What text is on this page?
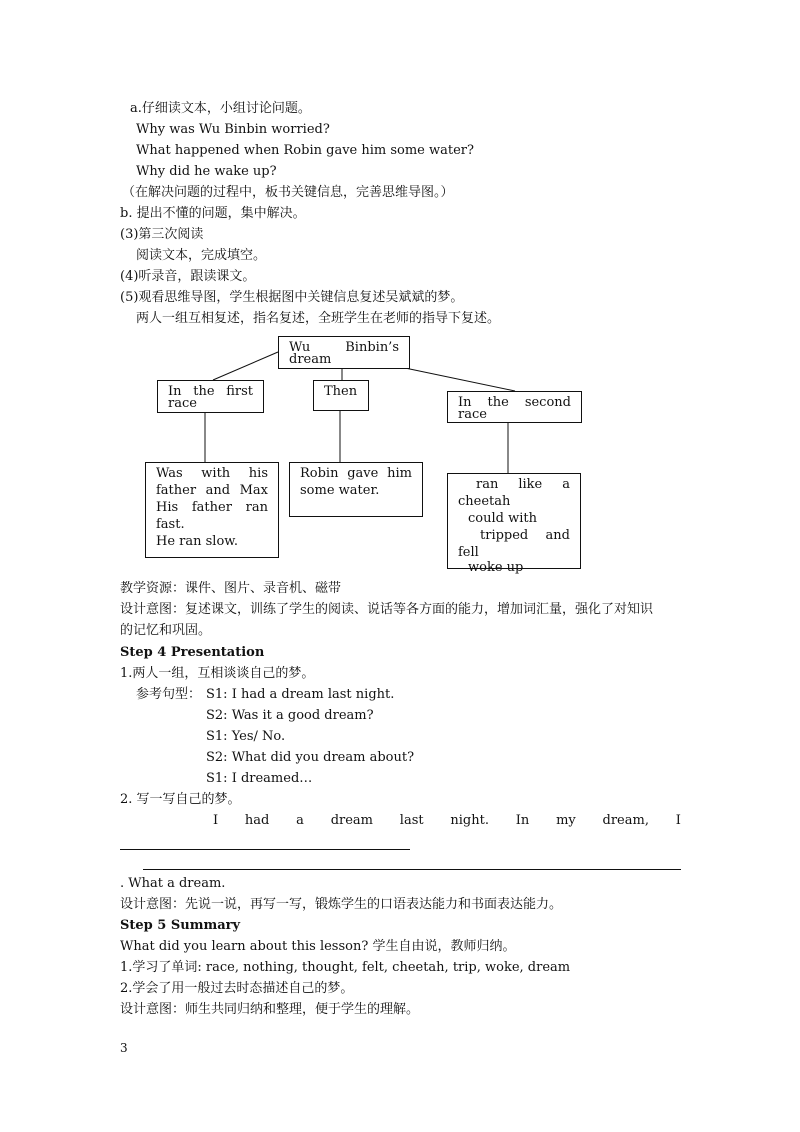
a.仔细读文本，小组讨论问题。
Why was Wu Binbin worried?
What happened when Robin gave him some water?
Why did he wake up?
（在解决问题的过程中，板书关键信息，完善思维导图。）
b. 提出不懂的问题，集中解决。
(3)第三次阅读
阅读文本，完成填空。
(4)听录音，跟读课文。
(5)观看思维导图，学生根据图中关键信息复述吴斌斌的梦。
两人一组互相复述，指名复述，全班学生在老师的指导下复述。
Wu	Binbin’s
dream
In the first
race
Then
In the second
race
Was with his
father and Max
His father ran
fast.
He ran slow.
Robin gave him
some water.	ran like a
cheetah
could with
tripped and
fell
woke up
教学资源：课件、图片、录音机、磁带
设计意图：复述课文，训练了学生的阅读、说话等各方面的能力，增加词汇量，强化了对知识
的记忆和巩固。
Step 4 Presentation
1.两人一组，互相谈谈自己的梦。
参考句型： S1: I had a dream last night.
S2: Was it a good dream?
S1: Yes/ No.
S2: What did you dream about?
S1: I dreamed…
2. 写一写自己的梦。
I had a dream last night. In my dream, I
. What a dream.
设计意图：先说一说，再写一写，锻炼学生的口语表达能力和书面表达能力。
Step 5 Summary
What did you learn about this lesson? 学生自由说，教师归纳。
1.学习了单词: race, nothing, thought, felt, cheetah, trip, woke, dream
2.学会了用一般过去时态描述自己的梦。
设计意图：师生共同归纳和整理，便于学生的理解。
3
